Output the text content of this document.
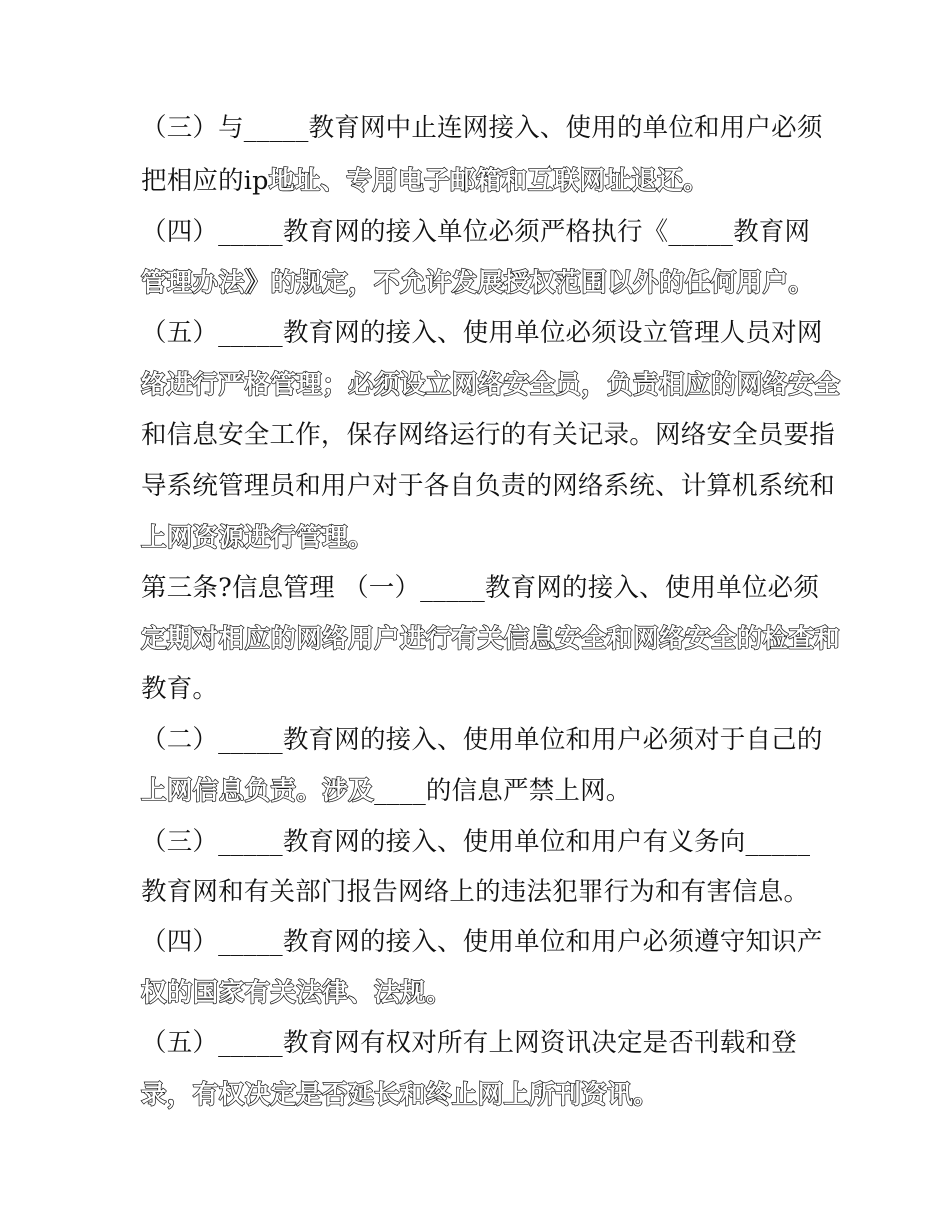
（三）与_____教育网中止连网接入、使用的单位和用户必须
把相应的ip地址、专用电子邮箱和互联网址退还。
（四）_____教育网的接入单位必须严格执行《_____教育网
管理办法》的规定，不允许发展授权范围以外的任何用户。
（五）_____教育网的接入、使用单位必须设立管理人员对网
络进行严格管理；必须设立网络安全员，负责相应的网络安全
和信息安全工作，保存网络运行的有关记录。网络安全员要指
导系统管理员和用户对于各自负责的网络系统、计算机系统和
上网资源进行管理。
第三条?信息管理 （一）_____教育网的接入、使用单位必须
定期对相应的网络用户进行有关信息安全和网络安全的检查和
教育。
（二）_____教育网的接入、使用单位和用户必须对于自己的
上网信息负责。涉及____的信息严禁上网。
（三）_____教育网的接入、使用单位和用户有义务向_____
教育网和有关部门报告网络上的违法犯罪行为和有害信息。
（四）_____教育网的接入、使用单位和用户必须遵守知识产
权的国家有关法律、法规。
（五）_____教育网有权对所有上网资讯决定是否刊载和登
录，有权决定是否延长和终止网上所刊资讯。
